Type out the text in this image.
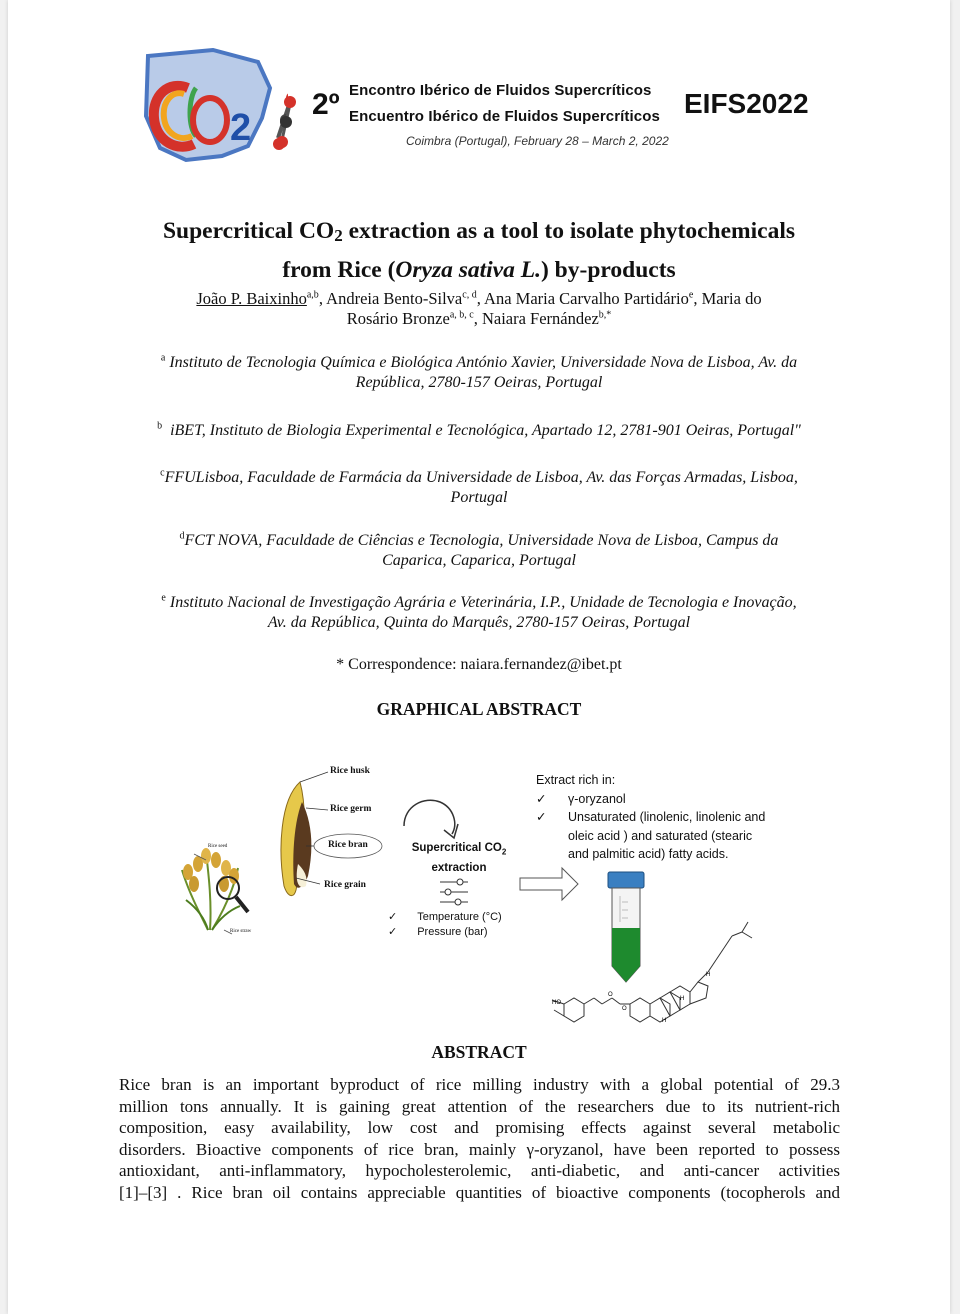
2
2º Encontro Ibérico de Fluidos Supercríticos
Encuentro Ibérico de Fluidos Supercríticos
Coimbra (Portugal), February 28 – March 2, 2022
EIFS2022
Supercritical CO2 extraction as a tool to isolate phytochemicals
from Rice (Oryza sativa L.) by-products
João P. Baixinho$^{a,b}$, Andreia Bento-Silva$^{c, d}$, Ana Maria Carvalho Partidário$^e$, Maria do
Rosário Bronze$^{a, b, c}$, Naiara Fernández$^{b,*}$
$^a$ Instituto de Tecnologia Química e Biológica António Xavier, Universidade Nova de Lisboa, Av. da
República, 2780-157 Oeiras, Portugal
$^b$ iBET, Instituto de Biologia Experimental e Tecnológica, Apartado 12, 2781-901 Oeiras, Portugal"
$^c$FFULisboa, Faculdade de Farmácia da Universidade de Lisboa, Av. das Forças Armadas, Lisboa,
Portugal
$^d$FCT NOVA, Faculdade de Ciências e Tecnologia, Universidade Nova de Lisboa, Campus da
Caparica, Caparica, Portugal
$^e$ Instituto Nacional de Investigação Agrária e Veterinária, I.P., Unidade de Tecnologia e Inovação,
Av. da República, Quinta do Marquês, 2780-157 Oeiras, Portugal
* Correspondence: naiara.fernandez@ibet.pt
GRAPHICAL ABSTRACT
HO
O
O
H
H
H
Rice husk
Rice germ
Rice bran
Rice grain
Rice seed
Rice straw
Supercritical $CO_2$
extraction
✓ Temperature (°C)
✓ Pressure (bar)
Extract rich in:
✓	γ-oryzanol
✓	Unsaturated (linolenic, linolenic and
oleic acid ) and saturated (stearic
and palmitic acid) fatty acids.
ABSTRACT
Rice bran is an important byproduct of rice milling industry with a global potential of 29.3
million tons annually. It is gaining great attention of the researchers due to its nutrient-rich
composition, easy availability, low cost and promising effects against several metabolic
disorders. Bioactive components of rice bran, mainly γ-oryzanol, have been reported to possess
antioxidant, anti-inflammatory, hypocholesterolemic, anti-diabetic, and anti-cancer activities
[1]–[3] . Rice bran oil contains appreciable quantities of bioactive components (tocopherols and
